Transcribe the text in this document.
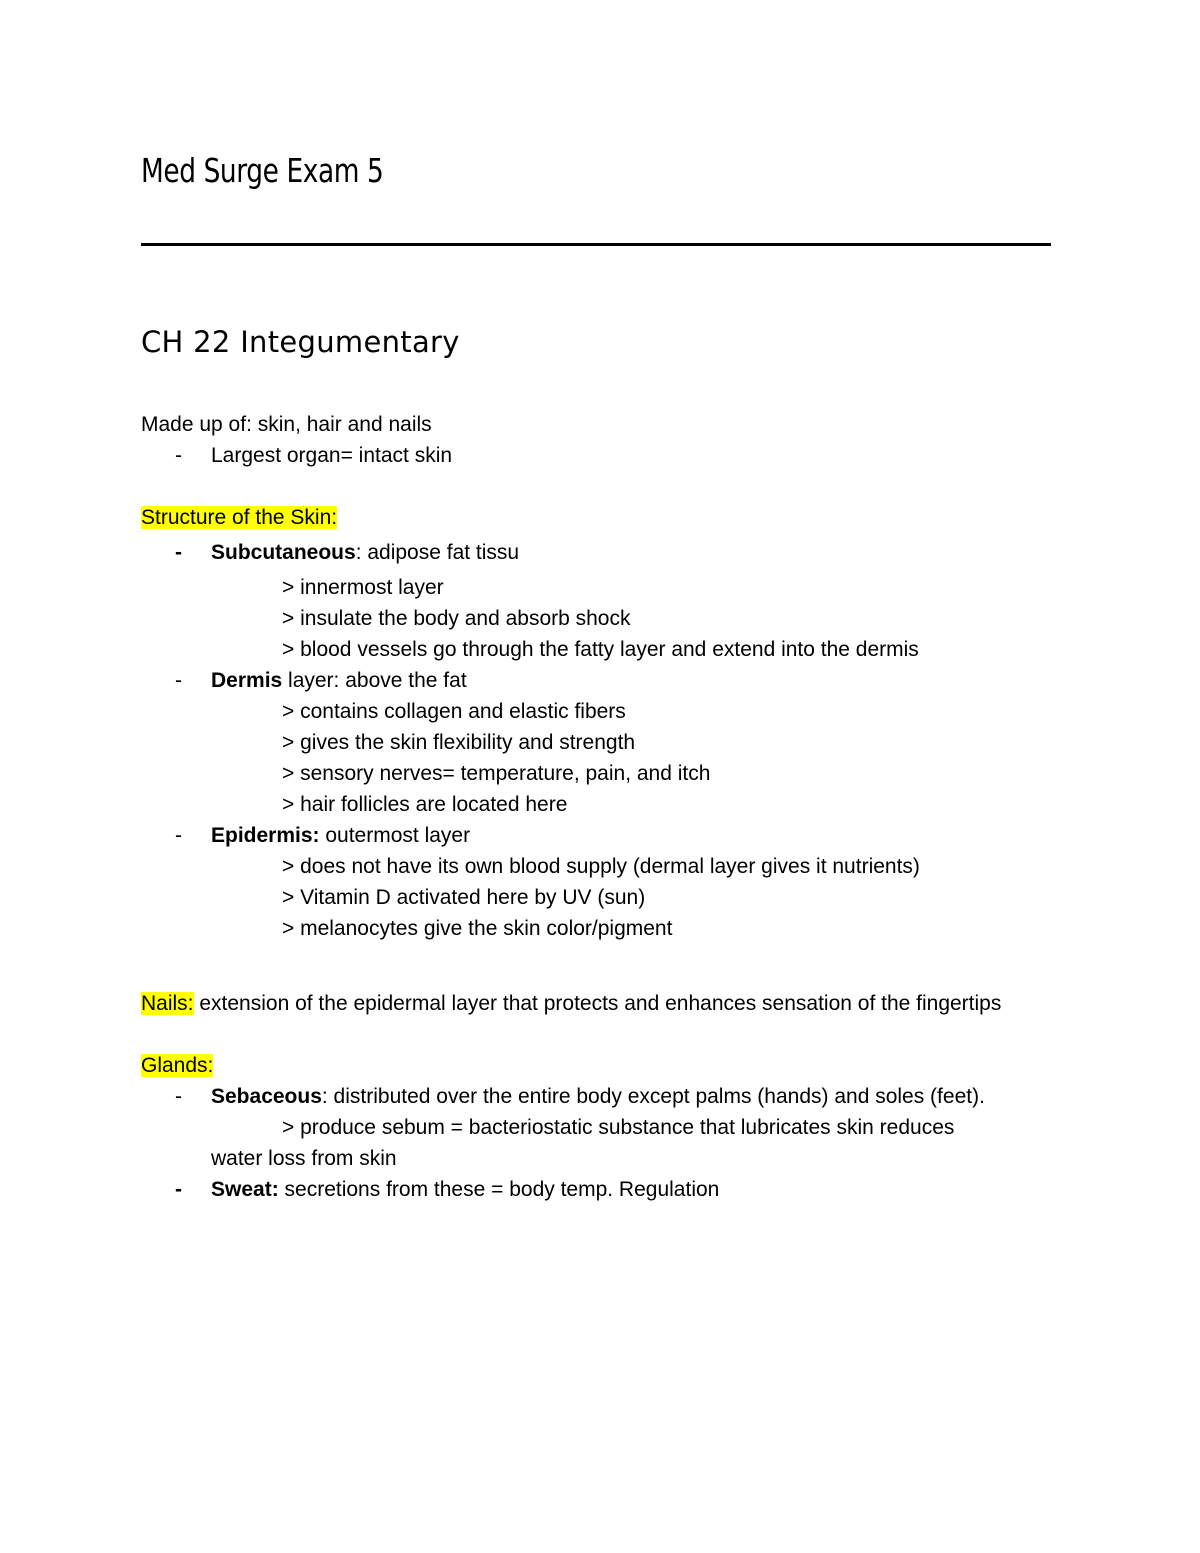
Med Surge Exam 5
CH 22 Integumentary
Made up of: skin, hair and nails
- Largest organ= intact skin
Structure of the Skin:
- Subcutaneous: adipose fat tissu
> innermost layer
> insulate the body and absorb shock
> blood vessels go through the fatty layer and extend into the dermis
- Dermis layer: above the fat
> contains collagen and elastic fibers
> gives the skin flexibility and strength
> sensory nerves= temperature, pain, and itch
> hair follicles are located here
- Epidermis: outermost layer
> does not have its own blood supply (dermal layer gives it nutrients)
> Vitamin D activated here by UV (sun)
> melanocytes give the skin color/pigment
Nails: extension of the epidermal layer that protects and enhances sensation of the fingertips
Glands:
- Sebaceous: distributed over the entire body except palms (hands) and soles (feet).
> produce sebum = bacteriostatic substance that lubricates skin reduces
water loss from skin
- Sweat: secretions from these = body temp. Regulation
